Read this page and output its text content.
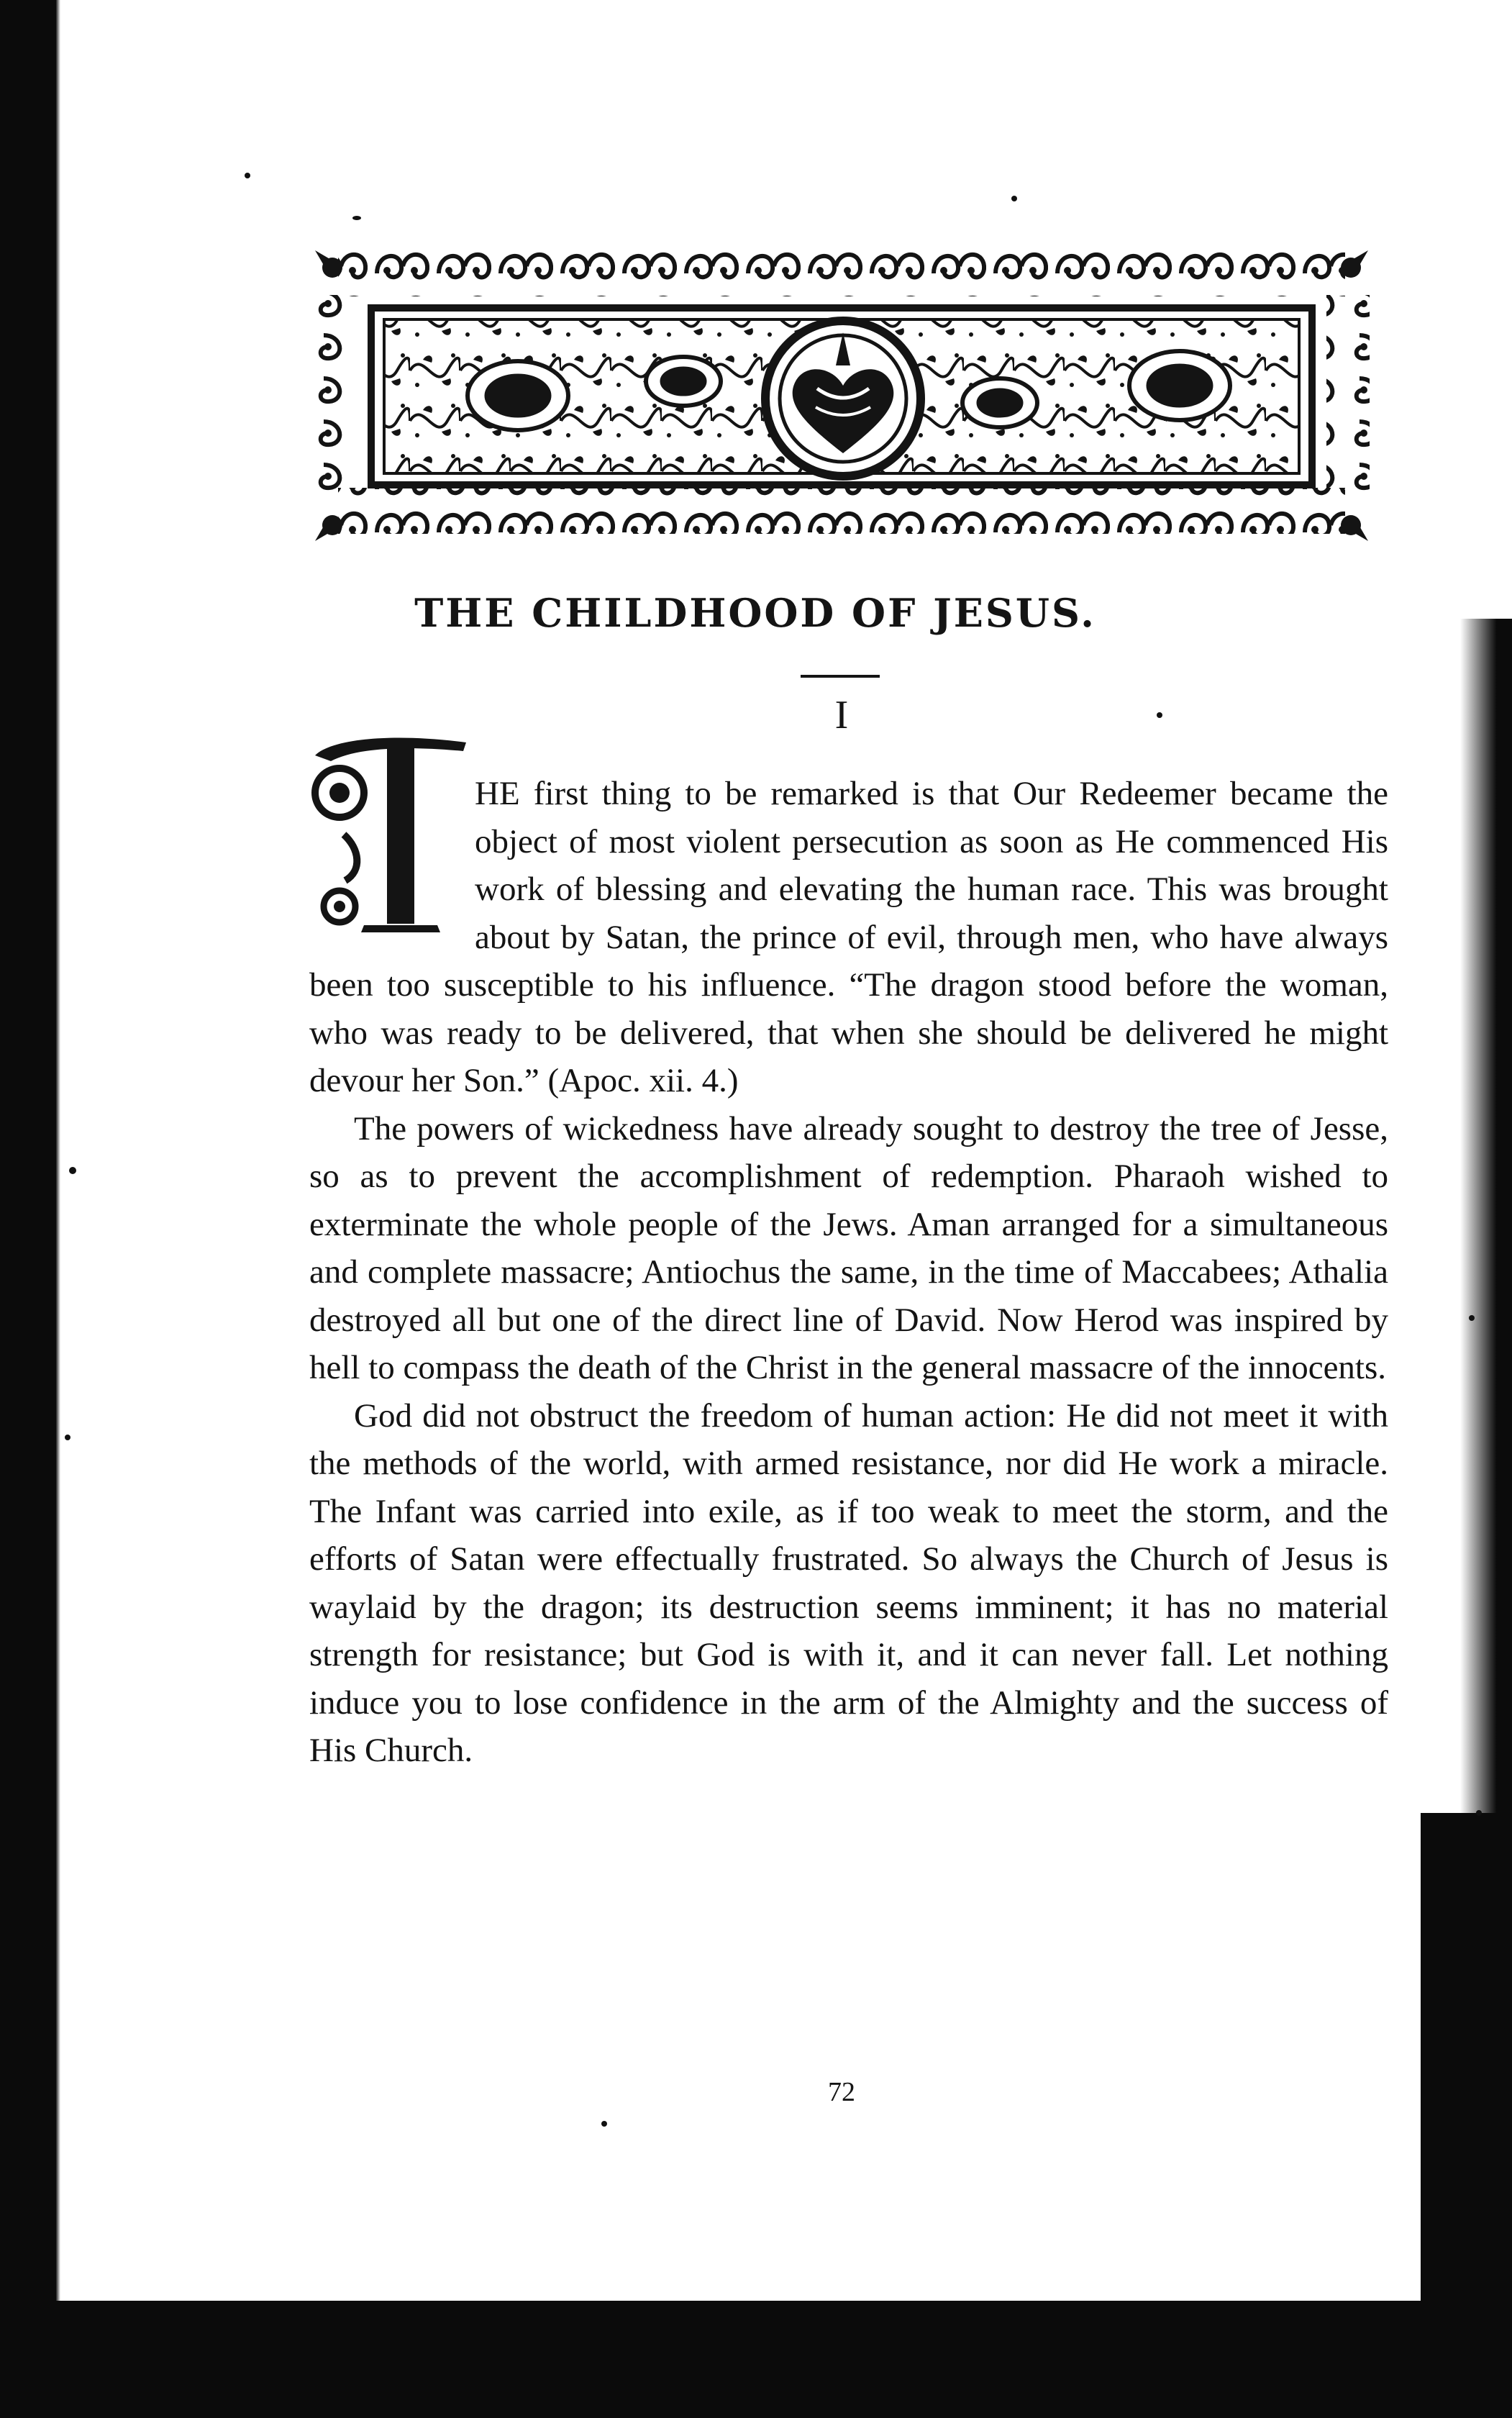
THE CHILDHOOD OF JESUS.

I

HE first thing to be remarked is that Our Redeemer became the object of most violent persecution as soon as He commenced His work of blessing and elevating the human race. This was brought about by Satan, the prince of evil, through men, who have always been too susceptible to his influence. “The dragon stood before the woman, who was ready to be delivered, that when she should be delivered he might devour her Son.” (Apoc. xii. 4.)

The powers of wickedness have already sought to destroy the tree of Jesse, so as to prevent the accomplishment of redemption. Pharaoh wished to exterminate the whole people of the Jews. Aman arranged for a simultaneous and complete massacre; Antiochus the same, in the time of Maccabees; Athalia destroyed all but one of the direct line of David. Now Herod was inspired by hell to compass the death of the Christ in the general massacre of the innocents.

God did not obstruct the freedom of human action: He did not meet it with the methods of the world, with armed resistance, nor did He work a miracle. The Infant was carried into exile, as if too weak to meet the storm, and the efforts of Satan were effectually frustrated. So always the Church of Jesus is waylaid by the dragon; its destruction seems imminent; it has no material strength for resistance; but God is with it, and it can never fall. Let nothing induce you to lose confidence in the arm of the Almighty and the success of His Church.

72
